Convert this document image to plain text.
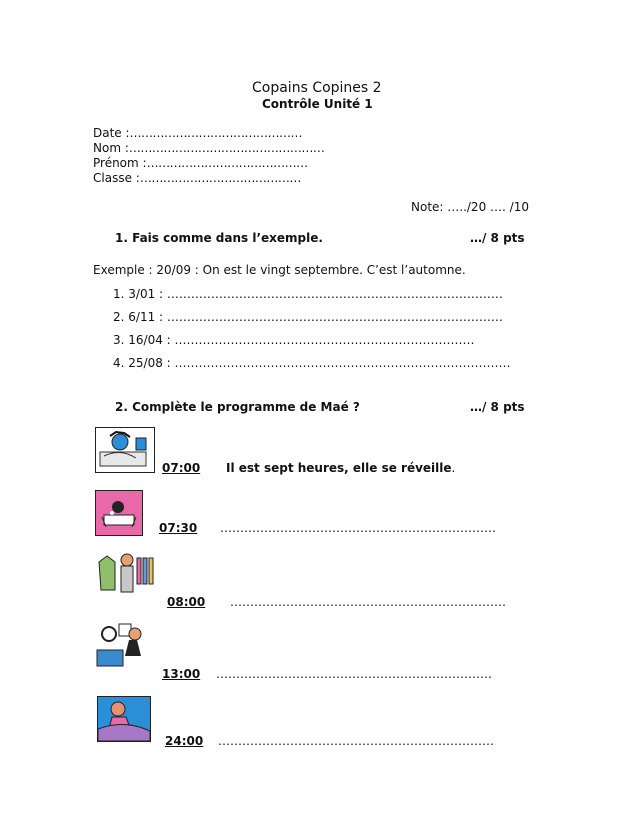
Copains Copines 2
Contrôle Unité 1
Date :………………………………………
Nom :……………………………………………
Prénom :……………………………………
Classe :……………………………………
Note: …../20 …. /10
1. Fais comme dans l’exemple.	…/ 8 pts
Exemple : 20/09 : On est le vingt septembre. C’est l’automne.
1. 3/01 : …………………………………………………………………………
2. 6/11 : …………………………………………………………………………
3. 16/04 : …………………………………………………………………
4. 25/08 : …………………………………………………………………………
2. Complète le programme de Maé ?	…/ 8 pts
07:00 Il est sept heures, elle se réveille.
07:30 ……………………………………………………………
08:00 ……………………………………………………………
13:00 ……………………………………………………………
24:00 ……………………………………………………………
